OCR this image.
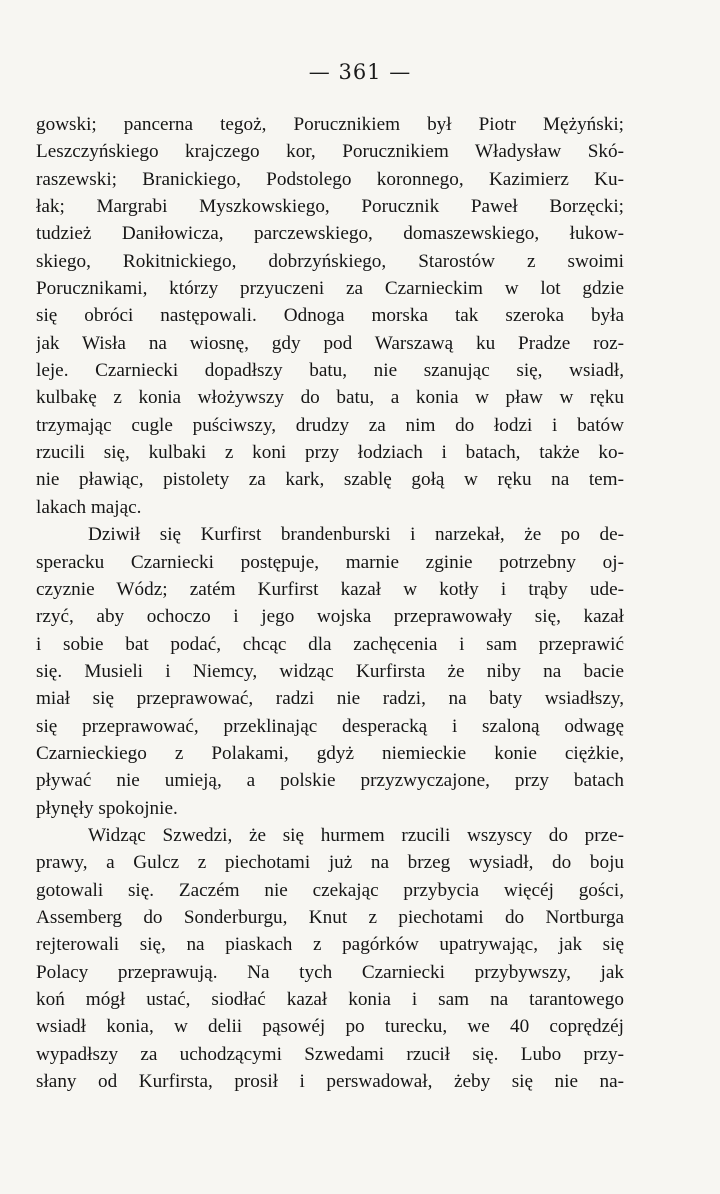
— 361 —
gowski; pancerna tegoż, Porucznikiem był Piotr Mężyński;
Leszczyńskiego krajczego kor, Porucznikiem Władysław Skó-
raszewski; Branickiego, Podstolego koronnego, Kazimierz Ku-
łak; Margrabi Myszkowskiego, Porucznik Paweł Borzęcki;
tudzież Daniłowicza, parczewskiego, domaszewskiego, łukow-
skiego, Rokitnickiego, dobrzyńskiego, Starostów z swoimi
Porucznikami, którzy przyuczeni za Czarnieckim w lot gdzie
się obróci następowali. Odnoga morska tak szeroka była
jak Wisła na wiosnę, gdy pod Warszawą ku Pradze roz-
leje. Czarniecki dopadłszy batu, nie szanując się, wsiadł,
kulbakę z konia włożywszy do batu, a konia w pław w ręku
trzymając cugle puściwszy, drudzy za nim do łodzi i batów
rzucili się, kulbaki z koni przy łodziach i batach, także ko-
nie pławiąc, pistolety za kark, szablę gołą w ręku na tem-
lakach mając.
Dziwił się Kurfirst brandenburski i narzekał, że po de-
speracku Czarniecki postępuje, marnie zginie potrzebny oj-
czyznie Wódz; zatém Kurfirst kazał w kotły i trąby ude-
rzyć, aby ochoczo i jego wojska przeprawowały się, kazał
i sobie bat podać, chcąc dla zachęcenia i sam przeprawić
się. Musieli i Niemcy, widząc Kurfirsta że niby na bacie
miał się przeprawować, radzi nie radzi, na baty wsiadłszy,
się przeprawować, przeklinając desperacką i szaloną odwagę
Czarnieckiego z Polakami, gdyż niemieckie konie ciężkie,
pływać nie umieją, a polskie przyzwyczajone, przy batach
płynęły spokojnie.
Widząc Szwedzi, że się hurmem rzucili wszyscy do prze-
prawy, a Gulcz z piechotami już na brzeg wysiadł, do boju
gotowali się. Zaczém nie czekając przybycia więcéj gości,
Assemberg do Sonderburgu, Knut z piechotami do Nortburga
rejterowali się, na piaskach z pagórków upatrywając, jak się
Polacy przeprawują. Na tych Czarniecki przybywszy, jak
koń mógł ustać, siodłać kazał konia i sam na tarantowego
wsiadł konia, w delii pąsowéj po turecku, we 40 coprędzéj
wypadłszy za uchodzącymi Szwedami rzucił się. Lubo przy-
słany od Kurfirsta, prosił i perswadował, żeby się nie na-
